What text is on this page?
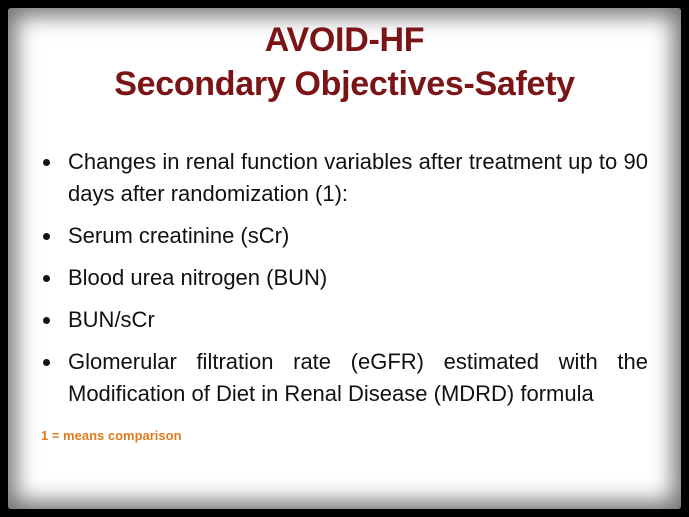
AVOID-HF
Secondary Objectives-Safety
Changes in renal function variables after treatment up to 90 days after randomization (1):
Serum creatinine (sCr)
Blood urea nitrogen (BUN)
BUN/sCr
Glomerular filtration rate (eGFR) estimated with the Modification of Diet in Renal Disease (MDRD) formula
1 = means comparison
